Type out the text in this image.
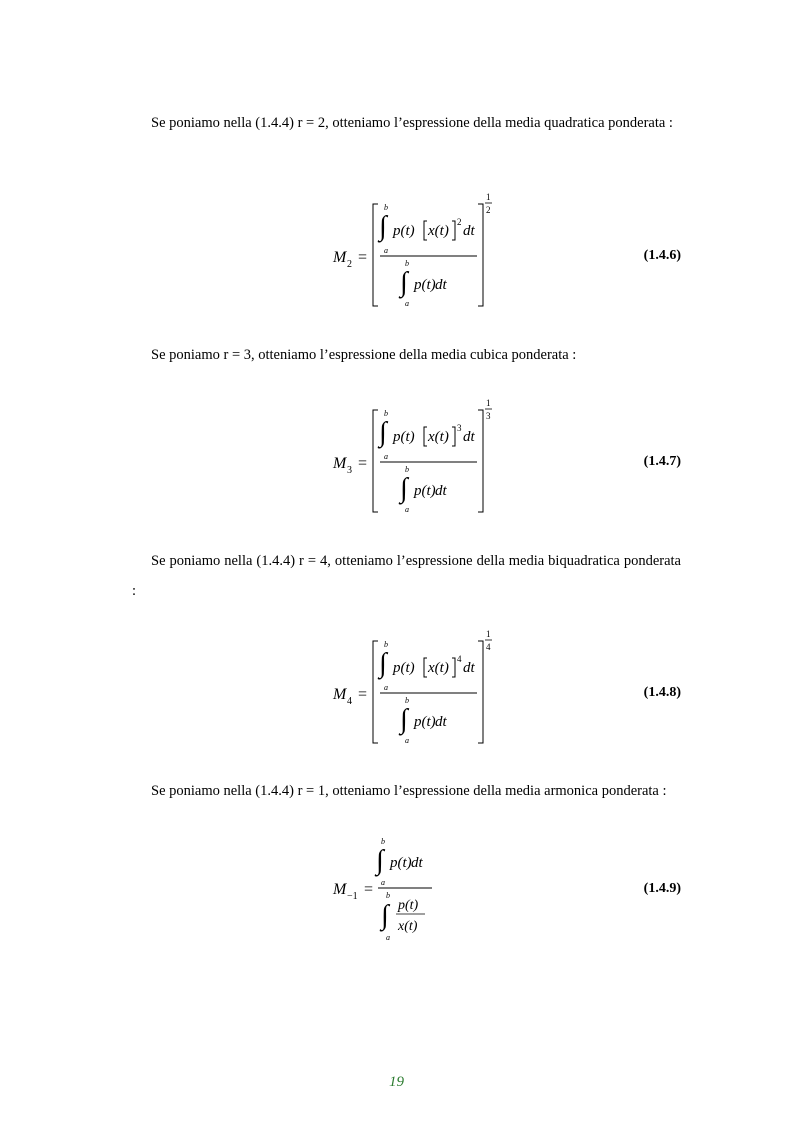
Se poniamo nella (1.4.4) r = 2, otteniamo l’espressione della media quadratica ponderata :
M 2 =
1
2
b
∫
a
p(t) x(t)
2
dt
b
∫
a
p(t) dt
(1.4.6)
Se poniamo r = 3, otteniamo l’espressione della media cubica ponderata :
M 3 =
1
3
b
∫
a
p(t) x(t)
3
dt
b
∫
a
p(t) dt
(1.4.7)
Se poniamo nella (1.4.4) r = 4, otteniamo l’espressione della media biquadratica ponderata :
M 4 =
1
4
b
∫
a
p(t) x(t)
4
dt
b
∫
a
p(t) dt
(1.4.8)
Se poniamo nella (1.4.4) r = 1, otteniamo l’espressione della media armonica ponderata :
M −1 =
b
∫
a
p(t) dt
b
∫
a
p(t)
x(t)
(1.4.9)
19
